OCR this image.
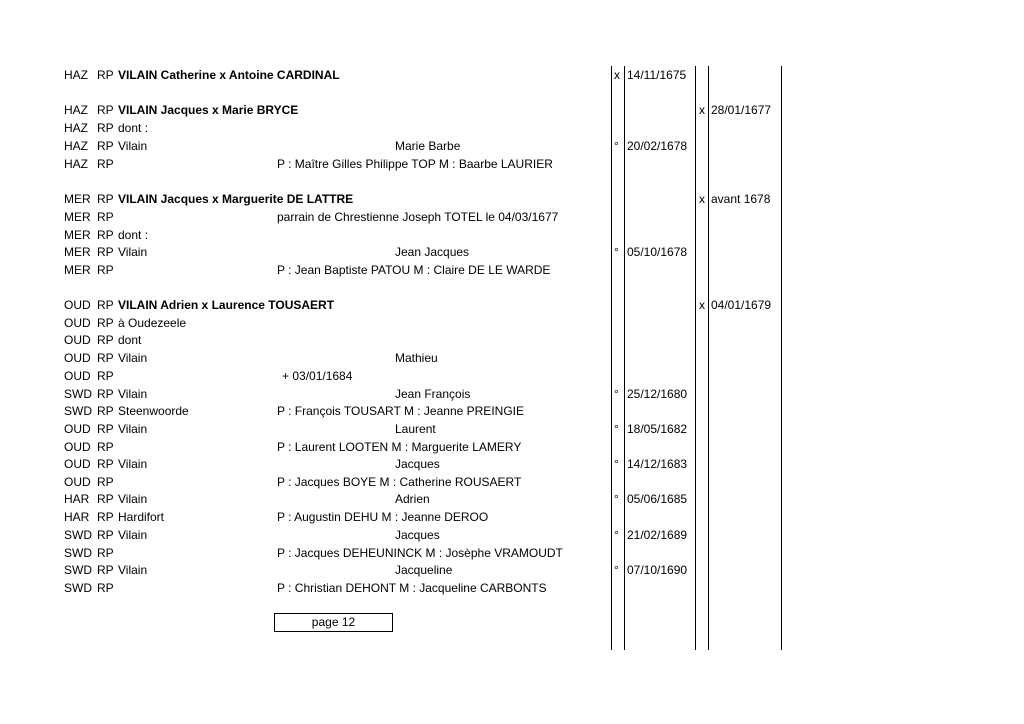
HAZ RP VILAIN Catherine x Antoine CARDINAL	x 14/11/1675
HAZ RP VILAIN Jacques x Marie BRYCE	x 28/01/1677
HAZ RP dont :
HAZ RP Vilain	Marie Barbe	° 20/02/1678
HAZ RP	P : Maître Gilles Philippe TOP M : Baarbe LAURIER
MER RP VILAIN Jacques x Marguerite DE LATTRE	x avant 1678
MER RP	parrain de Chrestienne Joseph TOTEL le 04/03/1677
MER RP dont :
MER RP Vilain	Jean Jacques	° 05/10/1678
MER RP	P : Jean Baptiste PATOU M : Claire DE LE WARDE
OUD RP VILAIN Adrien x Laurence TOUSAERT	x 04/01/1679
OUD RP à Oudezeele
OUD RP dont
OUD RP Vilain	Mathieu
OUD RP	+ 03/01/1684
SWD RP Vilain	Jean François	° 25/12/1680
SWD RP Steenwoorde	P : François TOUSART M : Jeanne PREINGIE
OUD RP Vilain	Laurent	° 18/05/1682
OUD RP	P : Laurent LOOTEN M : Marguerite LAMERY
OUD RP Vilain	Jacques	° 14/12/1683
OUD RP	P : Jacques BOYE M : Catherine ROUSAERT
HAR RP Vilain	Adrien	° 05/06/1685
HAR RP Hardifort	P : Augustin DEHU M : Jeanne DEROO
SWD RP Vilain	Jacques	° 21/02/1689
SWD RP	P : Jacques DEHEUNINCK M : Josèphe VRAMOUDT
SWD RP Vilain	Jacqueline	° 07/10/1690
SWD RP	P : Christian DEHONT M : Jacqueline CARBONTS
page 12
